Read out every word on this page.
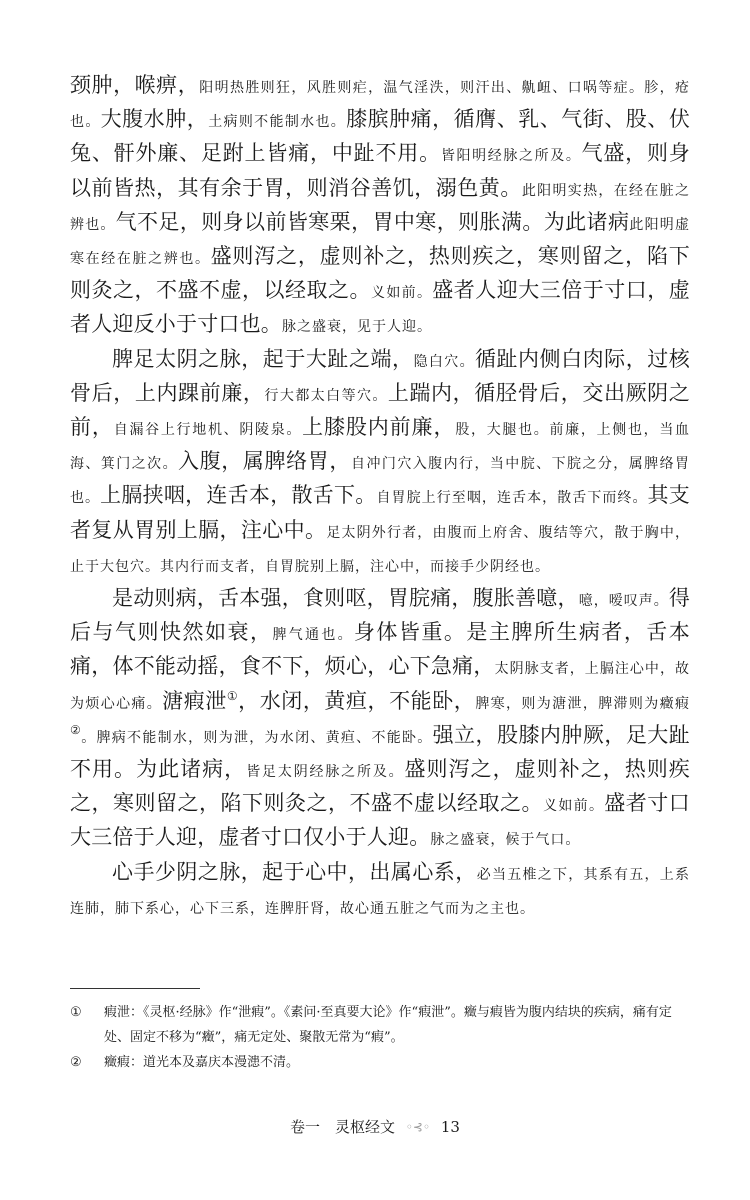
颈肿，喉痹，阳明热胜则狂，风胜则疟，温气淫泆，则汗出、鼽衄、口㖞等症。胗，疮也。大腹水肿，土病则不能制水也。膝膑肿痛，循膺、乳、气街、股、伏兔、骭外廉、足跗上皆痛，中趾不用。皆阳明经脉之所及。气盛，则身以前皆热，其有余于胃，则消谷善饥，溺色黄。此阳明实热，在经在脏之辨也。气不足，则身以前皆寒栗，胃中寒，则胀满。为此诸病此阳明虚寒在经在脏之辨也。盛则泻之，虚则补之，热则疾之，寒则留之，陷下则灸之，不盛不虚，以经取之。义如前。盛者人迎大三倍于寸口，虚者人迎反小于寸口也。脉之盛衰，见于人迎。

脾足太阴之脉，起于大趾之端，隐白穴。循趾内侧白肉际，过核骨后，上内踝前廉，行大都太白等穴。上踹内，循胫骨后，交出厥阴之前，自漏谷上行地机、阴陵泉。上膝股内前廉，股，大腿也。前廉，上侧也，当血海、箕门之次。入腹，属脾络胃，自冲门穴入腹内行，当中脘、下脘之分，属脾络胃也。上膈挟咽，连舌本，散舌下。自胃脘上行至咽，连舌本，散舌下而终。其支者复从胃别上膈，注心中。足太阴外行者，由腹而上府舍、腹结等穴，散于胸中，止于大包穴。其内行而支者，自胃脘别上膈，注心中，而接手少阴经也。

是动则病，舌本强，食则呕，胃脘痛，腹胀善噫，噫，嗳叹声。得后与气则快然如衰，脾气通也。身体皆重。是主脾所生病者，舌本痛，体不能动摇，食不下，烦心，心下急痛，太阴脉支者，上膈注心中，故为烦心心痛。溏瘕泄①，水闭，黄疸，不能卧，脾寒，则为溏泄，脾滞则为癥瘕②。脾病不能制水，则为泄，为水闭、黄疸、不能卧。强立，股膝内肿厥，足大趾不用。为此诸病，皆足太阴经脉之所及。盛则泻之，虚则补之，热则疾之，寒则留之，陷下则灸之，不盛不虚以经取之。义如前。盛者寸口大三倍于人迎，虚者寸口仅小于人迎。脉之盛衰，候于气口。

心手少阴之脉，起于心中，出属心系，必当五椎之下，其系有五，上系连肺，肺下系心，心下三系，连脾肝肾，故心通五脏之气而为之主也。

①	瘕泄：《灵枢·经脉》作“泄瘕”。《素问·至真要大论》作“瘕泄”。癥与瘕皆为腹内结块的疾病，痛有定处、固定不移为“癥”，痛无定处、聚散无常为“瘕”。
②	癥瘕：道光本及嘉庆本漫漶不清。
卷一　灵枢经文 ◦⊰◦ 13
